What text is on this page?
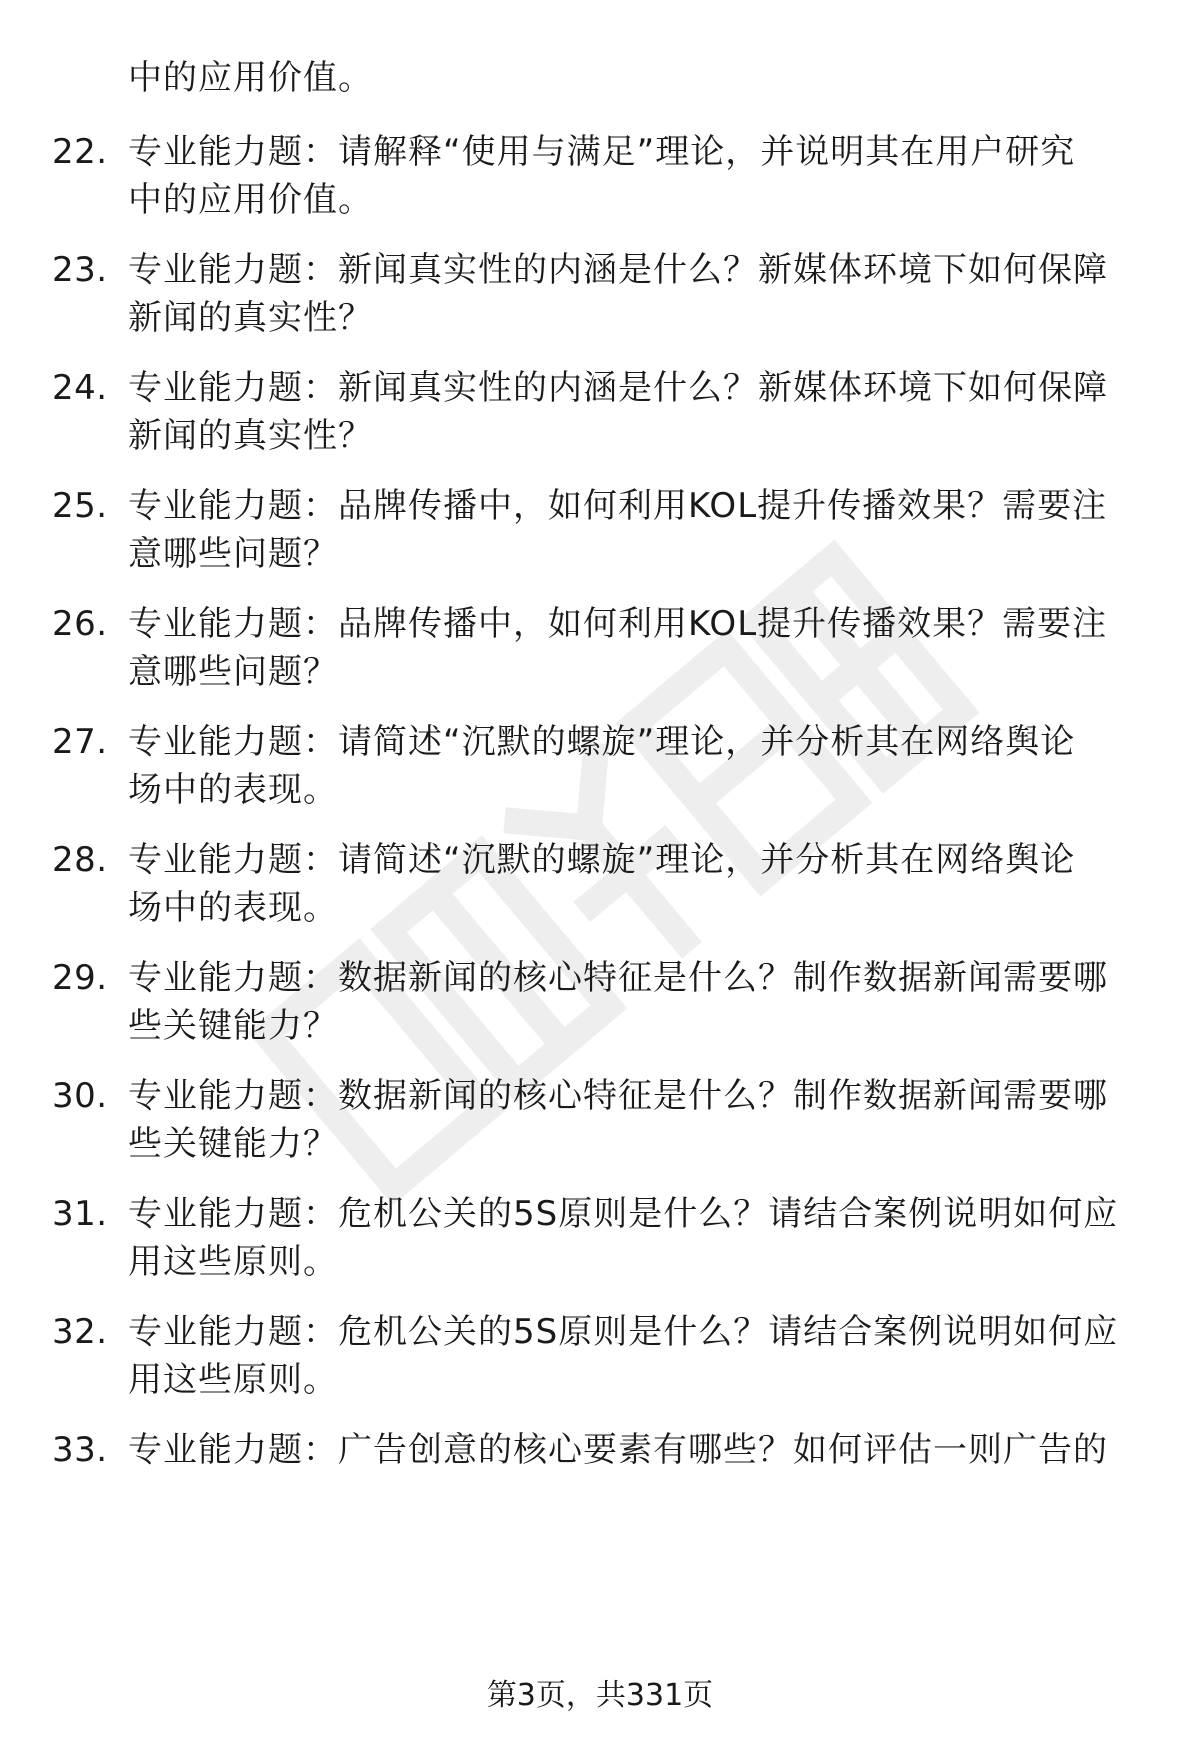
中的应用价值。
22. 专业能力题：请解释“使用与满足”理论，并说明其在用户研究
中的应用价值。
23. 专业能力题：新闻真实性的内涵是什么？新媒体环境下如何保障
新闻的真实性？
24. 专业能力题：新闻真实性的内涵是什么？新媒体环境下如何保障
新闻的真实性？
25. 专业能力题：品牌传播中，如何利用KOL提升传播效果？需要注
意哪些问题？
26. 专业能力题：品牌传播中，如何利用KOL提升传播效果？需要注
意哪些问题？
27. 专业能力题：请简述“沉默的螺旋”理论，并分析其在网络舆论
场中的表现。
28. 专业能力题：请简述“沉默的螺旋”理论，并分析其在网络舆论
场中的表现。
29. 专业能力题：数据新闻的核心特征是什么？制作数据新闻需要哪
些关键能力？
30. 专业能力题：数据新闻的核心特征是什么？制作数据新闻需要哪
些关键能力？
31. 专业能力题：危机公关的5S原则是什么？请结合案例说明如何应
用这些原则。
32. 专业能力题：危机公关的5S原则是什么？请结合案例说明如何应
用这些原则。
33. 专业能力题：广告创意的核心要素有哪些？如何评估一则广告的
第3页，共331页
